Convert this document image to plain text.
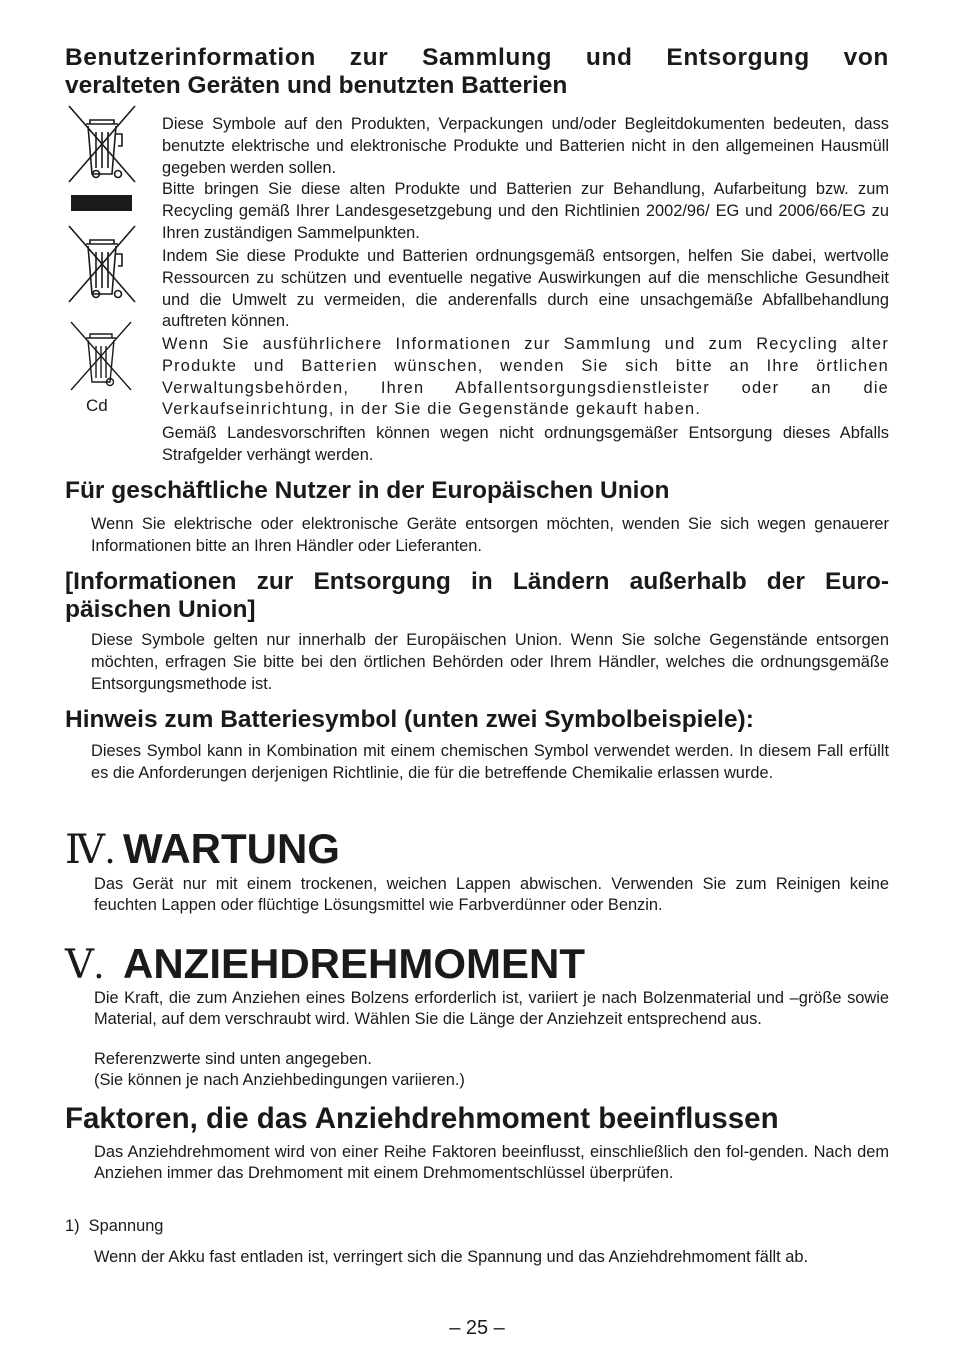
Benutzerinformation zur Sammlung und Entsorgung von
veralteten Geräten und benutzten Batterien
Cd

Diese Symbole auf den Produkten, Verpackungen und/oder Begleitdokumenten bedeuten, dass benutzte elektrische und elektronische Produkte und Batterien nicht in den allgemeinen Hausmüll gegeben werden sollen.

Bitte bringen Sie diese alten Produkte und Batterien zur Behandlung, Aufarbeitung bzw. zum Recycling gemäß Ihrer Landesgesetzgebung und den Richtlinien 2002/96/ EG und 2006/66/EG zu Ihren zuständigen Sammelpunkten.

Indem Sie diese Produkte und Batterien ordnungsgemäß entsorgen, helfen Sie dabei, wertvolle Ressourcen zu schützen und eventuelle negative Auswirkungen auf die menschliche Gesundheit und die Umwelt zu vermeiden, die anderenfalls durch eine unsachgemäße Abfallbehandlung auftreten können.

Wenn Sie ausführlichere Informationen zur Sammlung und zum Recycling alter Produkte und Batterien wünschen, wenden Sie sich bitte an Ihre örtlichen Verwaltungsbehörden, Ihren Abfallentsorgungsdienstleister oder an die Verkaufseinrichtung, in der Sie die Gegenstände gekauft haben.

Gemäß Landesvorschriften können wegen nicht ordnungsgemäßer Entsorgung dieses Abfalls Strafgelder verhängt werden.

Für geschäftliche Nutzer in der Europäischen Union

Wenn Sie elektrische oder elektronische Geräte entsorgen möchten, wenden Sie sich wegen genauerer Informationen bitte an Ihren Händler oder Lieferanten.

[Informationen zur Entsorgung in Ländern außerhalb der Euro-
päischen Union]

Diese Symbole gelten nur innerhalb der Europäischen Union. Wenn Sie solche Gegenstände entsorgen möchten, erfragen Sie bitte bei den örtlichen Behörden oder Ihrem Händler, welches die ordnungsgemäße Entsorgungsmethode ist.

Hinweis zum Batteriesymbol (unten zwei Symbolbeispiele):

Dieses Symbol kann in Kombination mit einem chemischen Symbol verwendet werden. In diesem Fall erfüllt es die Anforderungen derjenigen Richtlinie, die für die betreffende Chemikalie erlassen wurde.

Ⅳ. WARTUNG

Das Gerät nur mit einem trockenen, weichen Lappen abwischen. Verwenden Sie zum Reinigen keine feuchten Lappen oder flüchtige Lösungsmittel wie Farbverdünner oder Benzin.

Ⅴ. ANZIEHDREHMOMENT

Die Kraft, die zum Anziehen eines Bolzens erforderlich ist, variiert je nach Bolzenmaterial und –größe sowie Material, auf dem verschraubt wird. Wählen Sie die Länge der Anziehzeit entsprechend aus.

Referenzwerte sind unten angegeben.

(Sie können je nach Anziehbedingungen variieren.)

Faktoren, die das Anziehdrehmoment beeinflussen

Das Anziehdrehmoment wird von einer Reihe Faktoren beeinflusst, einschließlich den fol-genden. Nach dem Anziehen immer das Drehmoment mit einem Drehmomentschlüssel überprüfen.

1)  Spannung

Wenn der Akku fast entladen ist, verringert sich die Spannung und das Anziehdrehmoment fällt ab.

– 25 –
